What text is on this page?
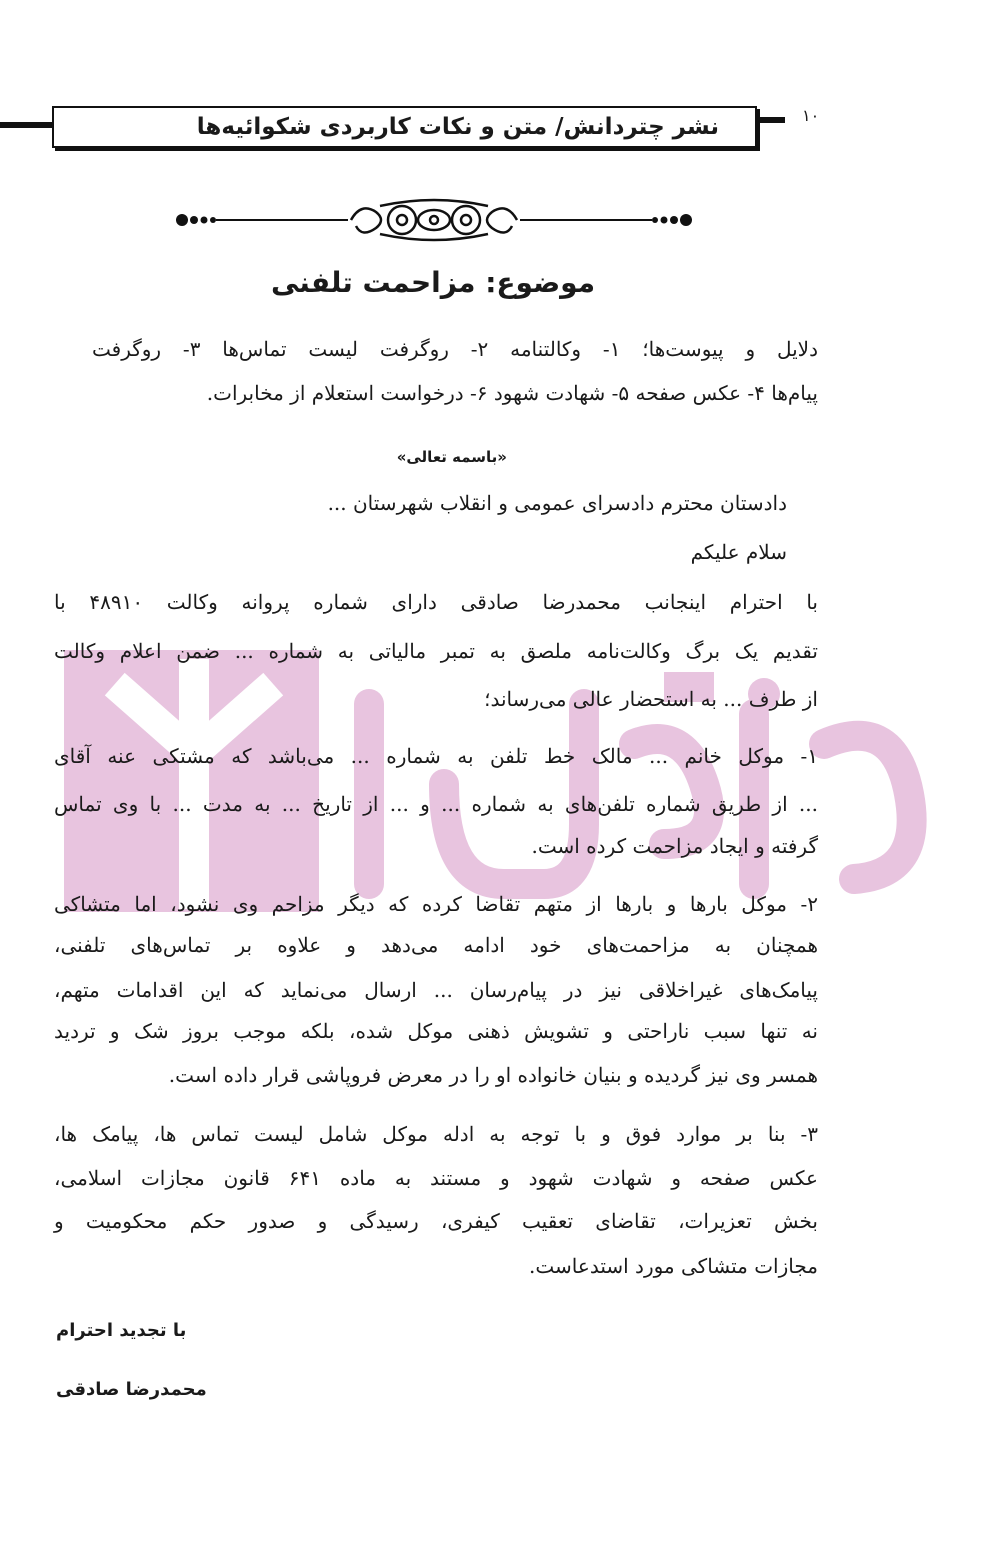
نشر چتردانش/ متن و نکات کاربردی شکوائیه‌ها	۱۰
موضوع: مزاحمت تلفنی
دلایل و پیوست‌ها؛ ۱- وکالتنامه ۲- روگرفت لیست تماس‌ها ۳- روگرفت
پیام‌ها ۴- عکس صفحه ۵- شهادت شهود ۶- درخواست استعلام از مخابرات.
«باسمه تعالی»
دادستان محترم دادسرای عمومی و انقلاب شهرستان ...
سلام علیکم
با احترام اینجانب محمدرضا صادقی دارای شماره پروانه وکالت ۴۸۹۱۰ با
تقدیم یک برگ وکالت‌نامه ملصق به تمبر مالیاتی به شماره ... ضمن اعلام وکالت
از طرف ... به استحضار عالی می‌رساند؛
۱- موکل خانم ... مالک خط تلفن به شماره ... می‌باشد که مشتکی عنه آقای
... از طریق شماره تلفن‌های به شماره ... و ... از تاریخ ... به مدت ... با وی تماس
گرفته و ایجاد مزاحمت کرده است.
۲- موکل بارها و بارها از متهم تقاضا کرده که دیگر مزاحم وی نشود، اما متشاکی
همچنان به مزاحمت‌های خود ادامه می‌دهد و علاوه بر تماس‌های تلفنی،
پیامک‌های غیراخلاقی نیز در پیام‌رسان ... ارسال می‌نماید که این اقدامات متهم،
نه تنها سبب ناراحتی و تشویش ذهنی موکل شده، بلکه موجب بروز شک و تردید
همسر وی نیز گردیده و بنیان خانواده او را در معرض فروپاشی قرار داده است.
۳- بنا بر موارد فوق و با توجه به ادله موکل شامل لیست تماس ها، پیامک ها،
عکس صفحه و شهادت شهود و مستند به ماده ۶۴۱ قانون مجازات اسلامی،
بخش تعزیرات، تقاضای تعقیب کیفری، رسیدگی و صدور حکم محکومیت و
مجازات متشاکی مورد استدعاست.
با تجدید احترام
محمدرضا صادقی
